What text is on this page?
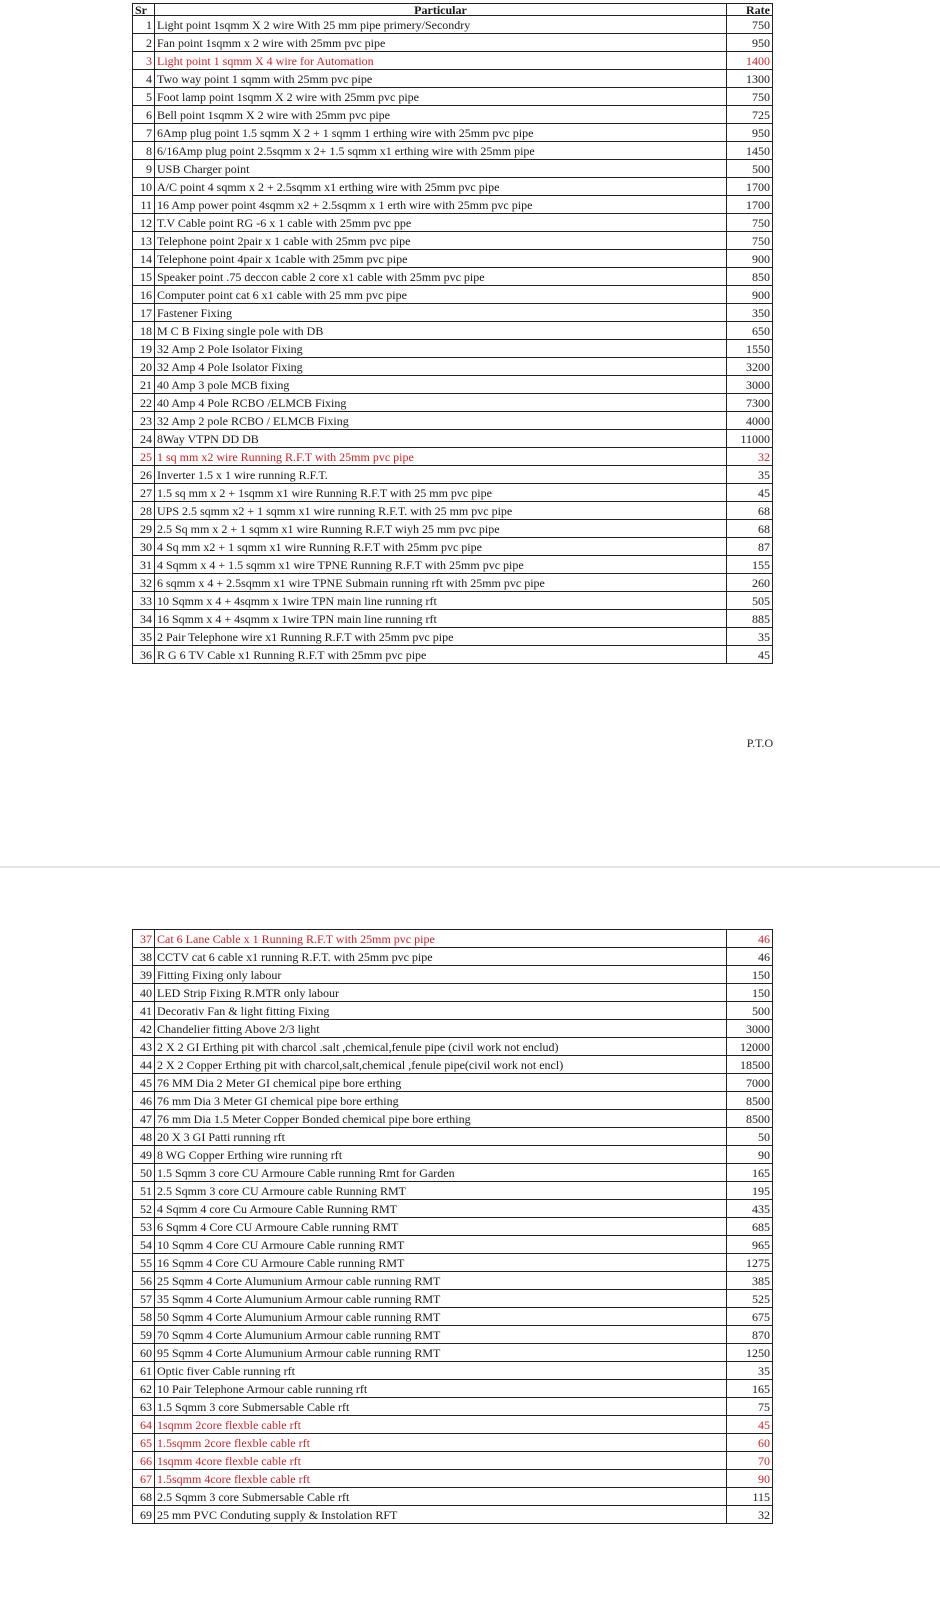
Sr	Particular	Rate
1	Light point 1sqmm X 2 wire With 25 mm pipe primery/Secondry	750
2	Fan point 1sqmm x 2 wire with 25mm pvc pipe	950
3	Light point 1 sqmm X 4 wire for Automation	1400
4	Two way point 1 sqmm with 25mm pvc pipe	1300
5	Foot lamp point 1sqmm X 2 wire with 25mm pvc pipe	750
6	Bell point 1sqmm X 2 wire with 25mm pvc pipe	725
7	6Amp plug point 1.5 sqmm X 2 + 1 sqmm 1 erthing wire with 25mm pvc pipe	950
8	6/16Amp plug point 2.5sqmm x 2+ 1.5 sqmm x1 erthing wire with 25mm pipe	1450
9	USB Charger point	500
10	A/C point 4 sqmm x 2 + 2.5sqmm x1 erthing wire with 25mm pvc pipe	1700
11	16 Amp power point 4sqmm x2 + 2.5sqmm x 1 erth wire with 25mm pvc pipe	1700
12	T.V Cable point RG -6 x 1 cable with 25mm pvc ppe	750
13	Telephone point 2pair x 1 cable with 25mm pvc pipe	750
14	Telephone point 4pair x 1cable with 25mm pvc pipe	900
15	Speaker point .75 deccon cable 2 core x1 cable with 25mm pvc pipe	850
16	Computer point cat 6 x1 cable with 25 mm pvc pipe	900
17	Fastener Fixing	350
18	M C B Fixing single pole with DB	650
19	32 Amp 2 Pole Isolator Fixing	1550
20	32 Amp 4 Pole Isolator Fixing	3200
21	40 Amp 3 pole MCB fixing	3000
22	40 Amp 4 Pole RCBO /ELMCB Fixing	7300
23	32 Amp 2 pole RCBO / ELMCB Fixing	4000
24	8Way VTPN DD DB	11000
25	1 sq mm x2 wire Running R.F.T with 25mm pvc pipe	32
26	Inverter 1.5 x 1 wire running R.F.T.	35
27	1.5 sq mm x 2 + 1sqmm x1 wire Running R.F.T with 25 mm pvc pipe	45
28	UPS 2.5 sqmm x2 + 1 sqmm x1 wire running R.F.T. with 25 mm pvc pipe	68
29	2.5 Sq mm x 2 + 1 sqmm x1 wire Running R.F.T wiyh 25 mm pvc pipe	68
30	4 Sq mm x2 + 1 sqmm x1 wire Running R.F.T with 25mm pvc pipe	87
31	4 Sqmm x 4 + 1.5 sqmm x1 wire TPNE Running R.F.T with 25mm pvc pipe	155
32	6 sqmm x 4 + 2.5sqmm x1 wire TPNE Submain running rft with 25mm pvc pipe	260
33	10 Sqmm x 4 + 4sqmm x 1wire TPN main line running rft	505
34	16 Sqmm x 4 + 4sqmm x 1wire TPN main line running rft	885
35	2 Pair Telephone wire x1 Running R.F.T with 25mm pvc pipe	35
36	R G 6 TV Cable x1 Running R.F.T with 25mm pvc pipe	45
P.T.O
37	Cat 6 Lane Cable x 1 Running R.F.T with 25mm pvc pipe	46
38	CCTV cat 6 cable x1 running R.F.T. with 25mm pvc pipe	46
39	Fitting Fixing only labour	150
40	LED Strip Fixing R.MTR only labour	150
41	Decorativ Fan & light fitting Fixing	500
42	Chandelier fitting Above 2/3 light	3000
43	2 X 2 GI Erthing pit with charcol .salt ,chemical,fenule pipe (civil work not enclud)	12000
44	2 X 2 Copper Erthing pit with charcol,salt,chemical ,fenule pipe(civil work not encl)	18500
45	76 MM Dia 2 Meter GI chemical pipe bore erthing	7000
46	76 mm Dia 3 Meter GI chemical pipe bore erthing	8500
47	76 mm Dia 1.5 Meter Copper Bonded chemical pipe bore erthing	8500
48	20 X 3 GI Patti running rft	50
49	8 WG Copper Erthing wire running rft	90
50	1.5 Sqmm 3 core CU Armoure Cable running Rmt for Garden	165
51	2.5 Sqmm 3 core CU Armoure cable Running RMT	195
52	4 Sqmm 4 core Cu Armoure Cable Running RMT	435
53	6 Sqmm 4 Core CU Armoure Cable running RMT	685
54	10 Sqmm 4 Core CU Armoure Cable running RMT	965
55	16 Sqmm 4 Core CU Armoure Cable running RMT	1275
56	25 Sqmm 4 Corte Alumunium Armour cable running RMT	385
57	35 Sqmm 4 Corte Alumunium Armour cable running RMT	525
58	50 Sqmm 4 Corte Alumunium Armour cable running RMT	675
59	70 Sqmm 4 Corte Alumunium Armour cable running RMT	870
60	95 Sqmm 4 Corte Alumunium Armour cable running RMT	1250
61	Optic fiver Cable running rft	35
62	10 Pair Telephone Armour cable running rft	165
63	1.5 Sqmm 3 core Submersable Cable rft	75
64	1sqmm 2core flexble cable rft	45
65	1.5sqmm 2core flexble cable rft	60
66	1sqmm 4core flexble cable rft	70
67	1.5sqmm 4core flexble cable rft	90
68	2.5 Sqmm 3 core Submersable Cable rft	115
69	25 mm PVC Conduting supply & Instolation RFT	32
